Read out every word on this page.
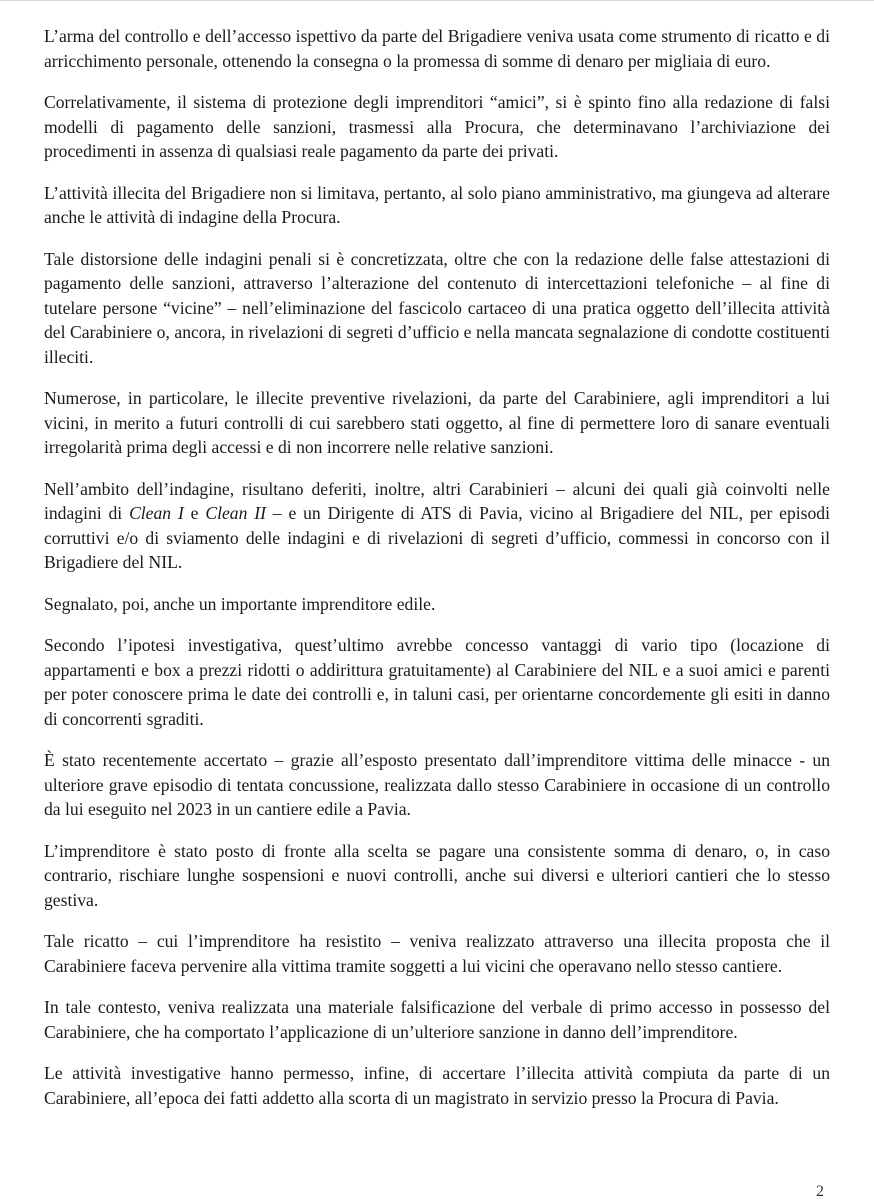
L’arma del controllo e dell’accesso ispettivo da parte del Brigadiere veniva usata come strumento di ricatto e di arricchimento personale, ottenendo la consegna o la promessa di somme di denaro per migliaia di euro.

Correlativamente, il sistema di protezione degli imprenditori “amici”, si è spinto fino alla redazione di falsi modelli di pagamento delle sanzioni, trasmessi alla Procura, che determinavano l’archiviazione dei procedimenti in assenza di qualsiasi reale pagamento da parte dei privati.

L’attività illecita del Brigadiere non si limitava, pertanto, al solo piano amministrativo, ma giungeva ad alterare anche le attività di indagine della Procura.

Tale distorsione delle indagini penali si è concretizzata, oltre che con la redazione delle false attestazioni di pagamento delle sanzioni, attraverso l’alterazione del contenuto di intercettazioni telefoniche – al fine di tutelare persone “vicine” – nell’eliminazione del fascicolo cartaceo di una pratica oggetto dell’illecita attività del Carabiniere o, ancora, in rivelazioni di segreti d’ufficio e nella mancata segnalazione di condotte costituenti illeciti.

Numerose, in particolare, le illecite preventive rivelazioni, da parte del Carabiniere, agli imprenditori a lui vicini, in merito a futuri controlli di cui sarebbero stati oggetto, al fine di permettere loro di sanare eventuali irregolarità prima degli accessi e di non incorrere nelle relative sanzioni.

Nell’ambito dell’indagine, risultano deferiti, inoltre, altri Carabinieri – alcuni dei quali già coinvolti nelle indagini di Clean I e Clean II – e un Dirigente di ATS di Pavia, vicino al Brigadiere del NIL, per episodi corruttivi e/o di sviamento delle indagini e di rivelazioni di segreti d’ufficio, commessi in concorso con il Brigadiere del NIL.

Segnalato, poi, anche un importante imprenditore edile.

Secondo l’ipotesi investigativa, quest’ultimo avrebbe concesso vantaggi di vario tipo (locazione di appartamenti e box a prezzi ridotti o addirittura gratuitamente) al Carabiniere del NIL e a suoi amici e parenti per poter conoscere prima le date dei controlli e, in taluni casi, per orientarne concordemente gli esiti in danno di concorrenti sgraditi.

È stato recentemente accertato – grazie all’esposto presentato dall’imprenditore vittima delle minacce - un ulteriore grave episodio di tentata concussione, realizzata dallo stesso Carabiniere in occasione di un controllo da lui eseguito nel 2023 in un cantiere edile a Pavia.

L’imprenditore è stato posto di fronte alla scelta se pagare una consistente somma di denaro, o, in caso contrario, rischiare lunghe sospensioni e nuovi controlli, anche sui diversi e ulteriori cantieri che lo stesso gestiva.

Tale ricatto – cui l’imprenditore ha resistito – veniva realizzato attraverso una illecita proposta che il Carabiniere faceva pervenire alla vittima tramite soggetti a lui vicini che operavano nello stesso cantiere.

In tale contesto, veniva realizzata una materiale falsificazione del verbale di primo accesso in possesso del Carabiniere, che ha comportato l’applicazione di un’ulteriore sanzione in danno dell’imprenditore.

Le attività investigative hanno permesso, infine, di accertare l’illecita attività compiuta da parte di un Carabiniere, all’epoca dei fatti addetto alla scorta di un magistrato in servizio presso la Procura di Pavia.

2
